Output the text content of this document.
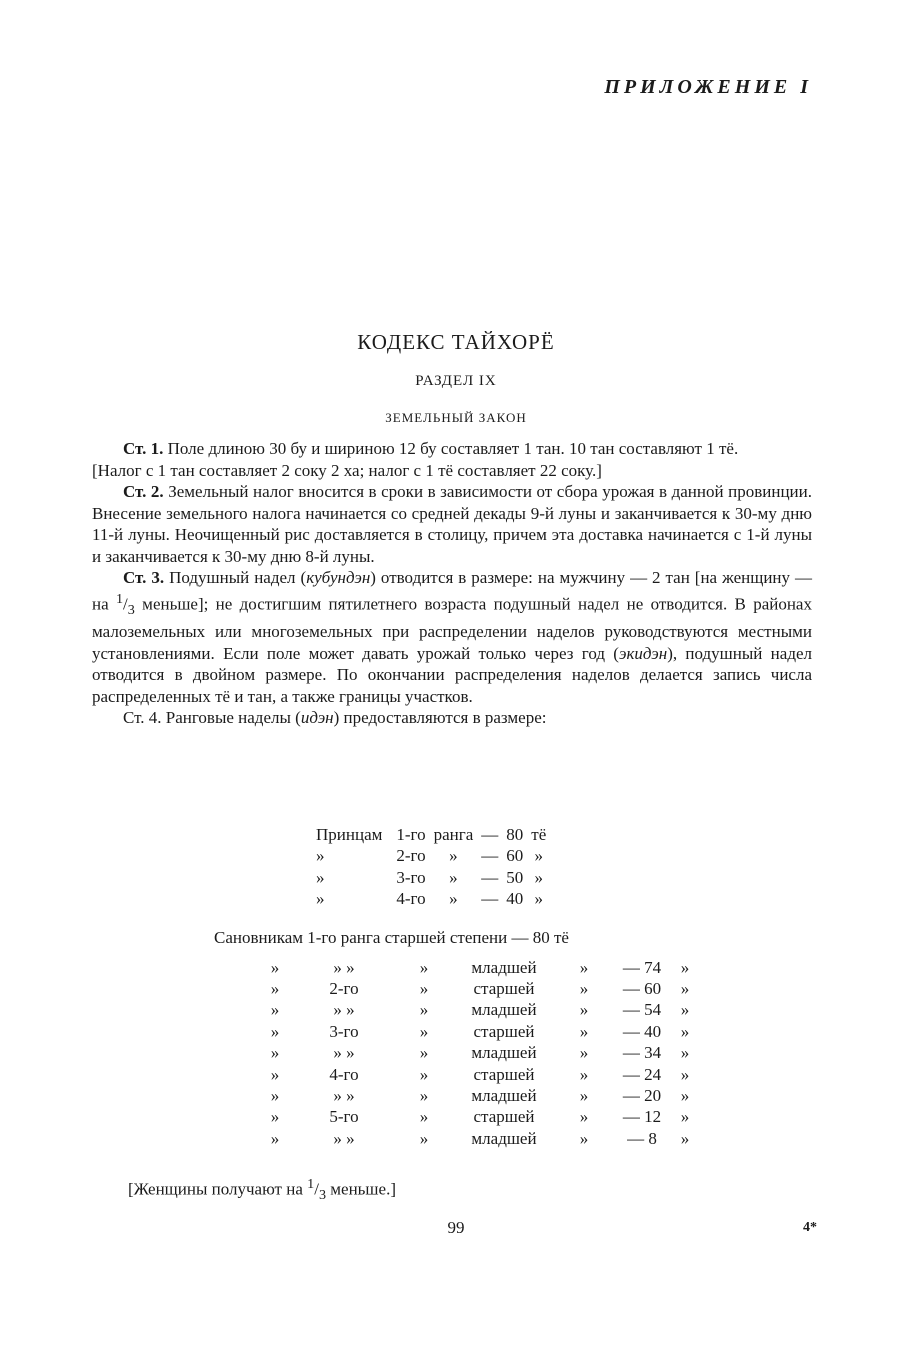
ПРИЛОЖЕНИЕ I
КОДЕКС ТАЙХОРЁ
РАЗДЕЛ IX
ЗЕМЕЛЬНЫЙ ЗАКОН

Ст. 1. Поле длиною 30 бу и шириною 12 бу составляет 1 тан. 10 тан составляют 1 тё.

[Налог с 1 тан составляет 2 соку 2 ха; налог с 1 тё составляет 22 соку.]

Ст. 2. Земельный налог вносится в сроки в зависимости от сбора урожая в данной провинции. Внесение земельного налога начинается со средней декады 9-й луны и заканчивается к 30-му дню 11-й луны. Неочищенный рис доставляется в столицу, причем эта доставка начинается с 1-й луны и заканчивается к 30-му дню 8-й луны.

Ст. 3. Подушный надел (кубундэн) отводится в размере: на мужчину — 2 тан [на женщину — на $^1/_3$ меньше]; не достигшим пятилетнего возраста подушный надел не отводится. В районах малоземельных или многоземельных при распределении наделов руководствуются местными установлениями. Если поле может давать урожай только через год (экидэн), подушный надел отводится в двойном размере. По окончании распределения наделов делается запись числа распределенных тё и тан, а также границы участков.

Ст. 4. Ранговые наделы (идэн) предоставляются в размере:

Принцам	1-го	ранга	—	80	тё
»	2-го	»	—	60	»
»	3-го	»	—	50	»
»	4-го	»	—	40	»
Сановникам 1-го ранга старшей степени — 80 тё
»	» »	»	младшей	»	— 74	»
»	2-го	»	старшей	»	— 60	»
»	» »	»	младшей	»	— 54	»
»	3-го	»	старшей	»	— 40	»
»	» »	»	младшей	»	— 34	»
»	4-го	»	старшей	»	— 24	»
»	» »	»	младшей	»	— 20	»
»	5-го	»	старшей	»	— 12	»
»	» »	»	младшей	»	— 8	»
[Женщины получают на $^1/_3$ меньше.]
99	4*
